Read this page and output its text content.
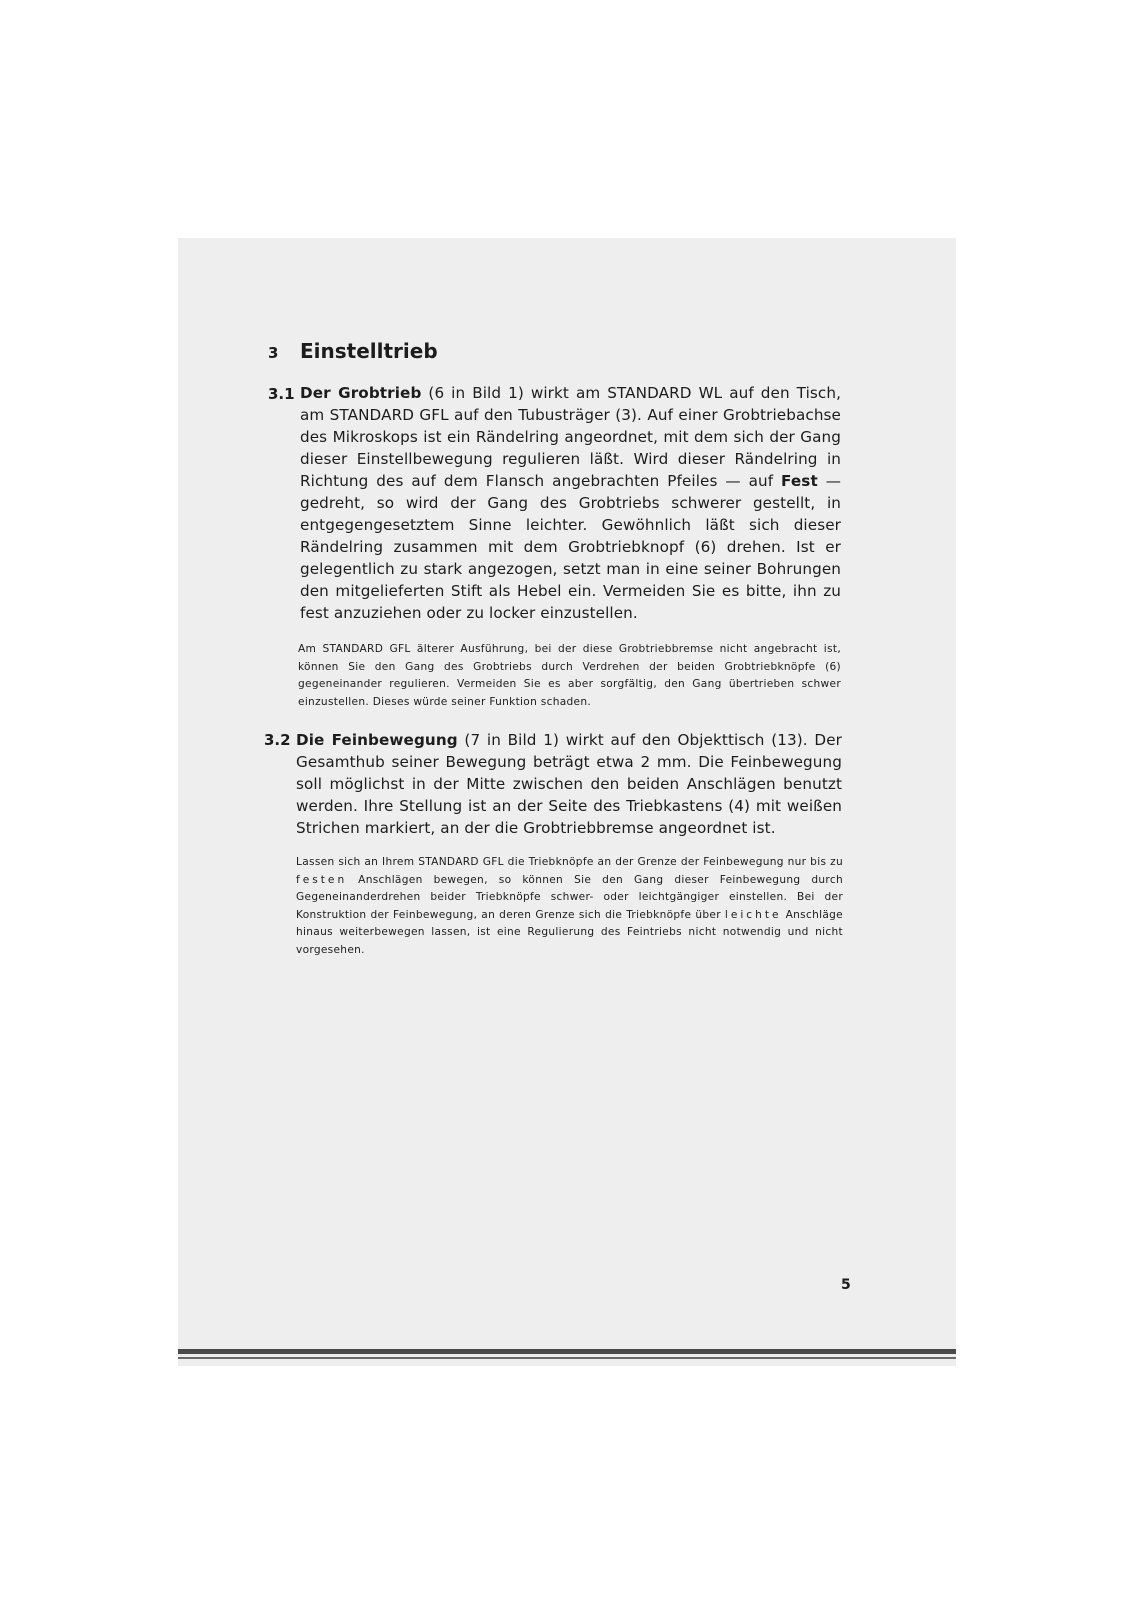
3 Einstelltrieb
3.1 Der Grobtrieb (6 in Bild 1) wirkt am STANDARD WL auf den Tisch, am STANDARD GFL auf den Tubusträger (3). Auf einer Grobtriebachse des Mikroskops ist ein Rändelring angeordnet, mit dem sich der Gang dieser Einstellbewegung regulieren läßt. Wird dieser Rändelring in Richtung des auf dem Flansch angebrachten Pfeiles — auf Fest — gedreht, so wird der Gang des Grobtriebs schwerer gestellt, in entgegengesetztem Sinne leichter. Gewöhnlich läßt sich dieser Rändelring zusammen mit dem Grobtriebknopf (6) drehen. Ist er gelegentlich zu stark angezogen, setzt man in eine seiner Bohrungen den mitgelieferten Stift als Hebel ein. Vermeiden Sie es bitte, ihn zu fest anzuziehen oder zu locker einzustellen.
Am STANDARD GFL älterer Ausführung, bei der diese Grobtriebbremse nicht angebracht ist, können Sie den Gang des Grobtriebs durch Verdrehen der beiden Grobtriebknöpfe (6) gegeneinander regulieren. Vermeiden Sie es aber sorgfältig, den Gang übertrieben schwer einzustellen. Dieses würde seiner Funktion schaden.
3.2 Die Feinbewegung (7 in Bild 1) wirkt auf den Objekttisch (13). Der Gesamthub seiner Bewegung beträgt etwa 2 mm. Die Feinbewegung soll möglichst in der Mitte zwischen den beiden Anschlägen benutzt werden. Ihre Stellung ist an der Seite des Triebkastens (4) mit weißen Strichen markiert, an der die Grobtriebbremse angeordnet ist.
Lassen sich an Ihrem STANDARD GFL die Triebknöpfe an der Grenze der Feinbewegung nur bis zu festen Anschlägen bewegen, so können Sie den Gang dieser Feinbewegung durch Gegeneinanderdrehen beider Triebknöpfe schwer- oder leichtgängiger einstellen. Bei der Konstruktion der Feinbewegung, an deren Grenze sich die Triebknöpfe über leichte Anschläge hinaus weiterbewegen lassen, ist eine Regulierung des Feintriebs nicht notwendig und nicht vorgesehen.
5
